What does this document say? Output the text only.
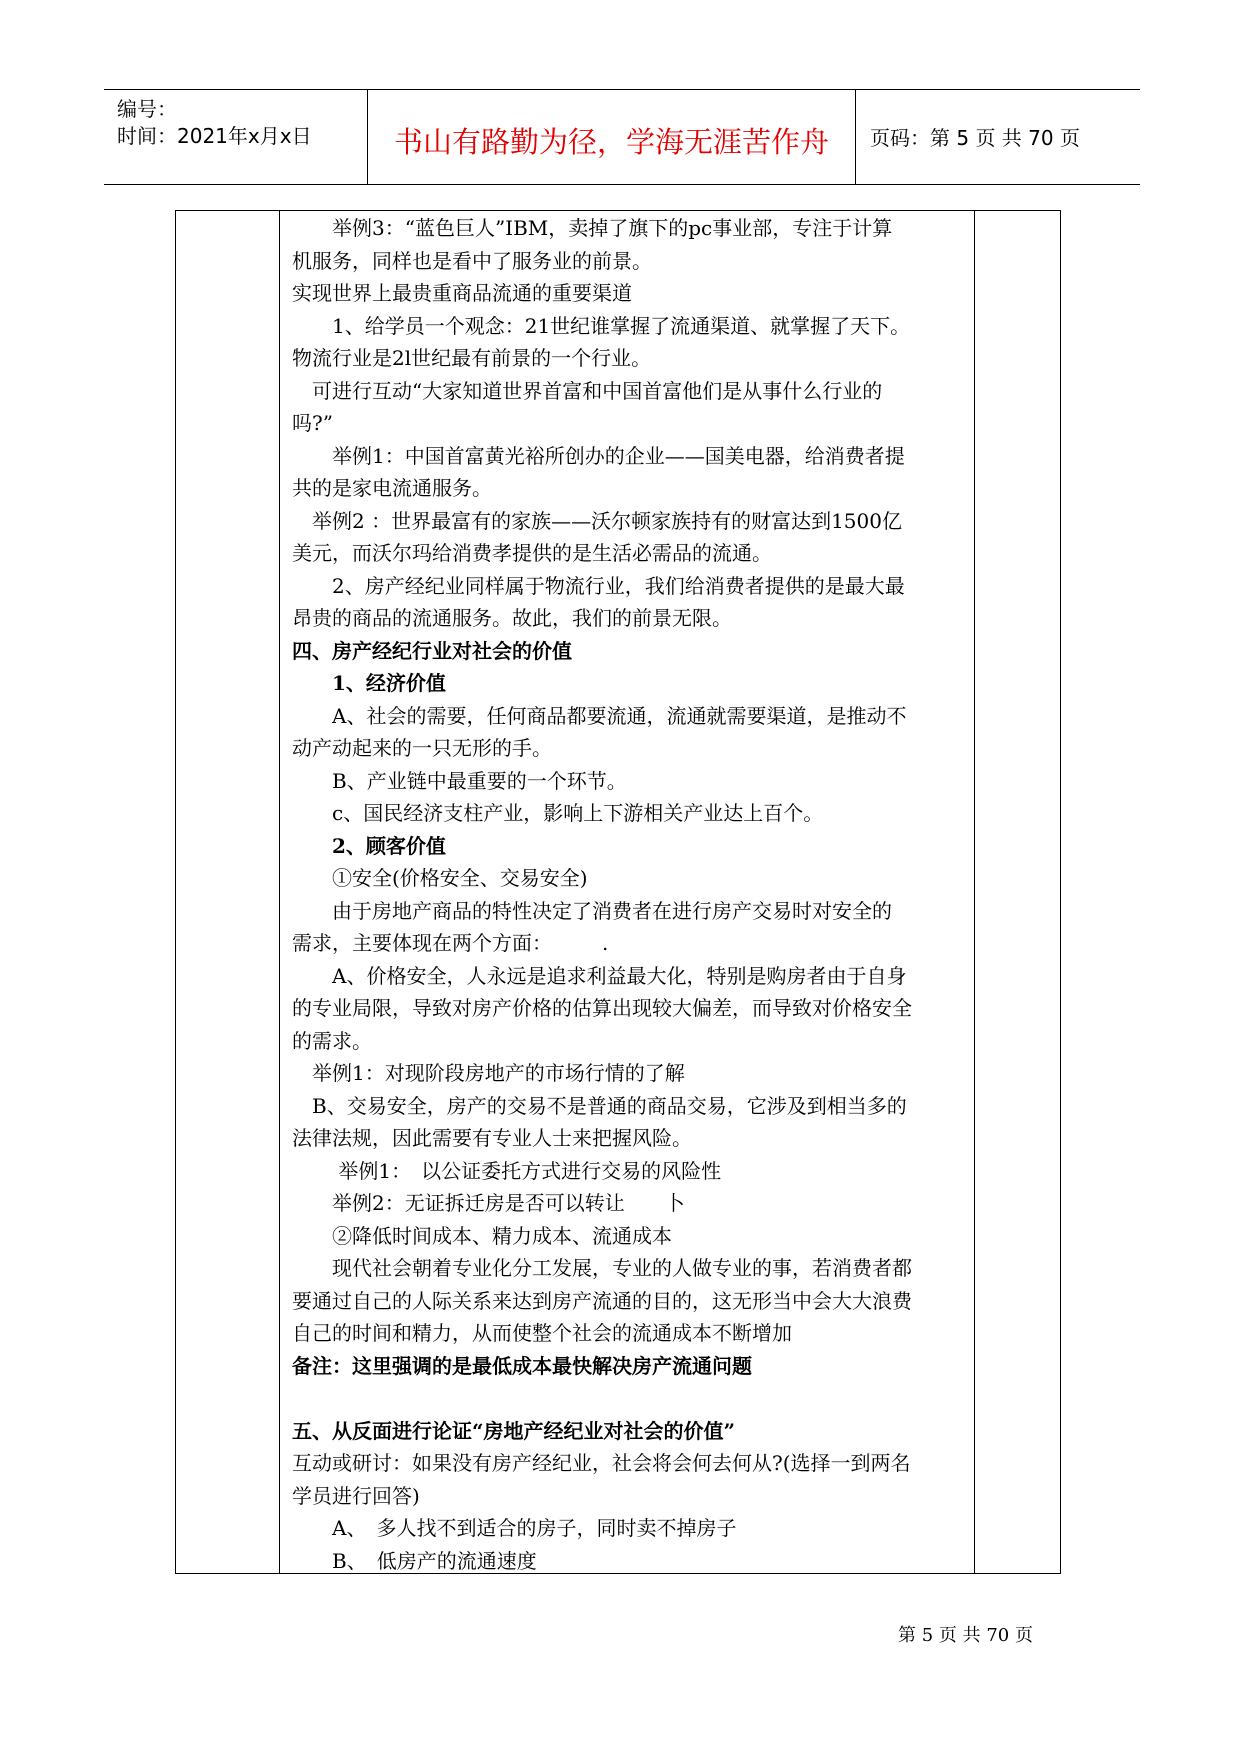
编号：
时间：2021年x月x日	书山有路勤为径，学海无涯苦作舟	页码：第 5 页 共 70 页
　　举例3：“蓝色巨人”IBM，卖掉了旗下的pc事业部，专注于计算
机服务，同样也是看中了服务业的前景。
实现世界上最贵重商品流通的重要渠道
　　1、给学员一个观念：21世纪谁掌握了流通渠道、就掌握了天下。
物流行业是2l世纪最有前景的一个行业。
　可进行互动“大家知道世界首富和中国首富他们是从事什么行业的
吗?”
　　举例1：中国首富黄光裕所创办的企业——国美电器，给消费者提
共的是家电流通服务。
　举例2 ：世界最富有的家族——沃尔顿家族持有的财富达到1500亿
美元，而沃尔玛给消费孝提供的是生活必需品的流通。
　　2、房产经纪业同样属于物流行业，我们给消费者提供的是最大最
昂贵的商品的流通服务。故此，我们的前景无限。
四、房产经纪行业对社会的价值
　　1、经济价值
　　A、社会的需要，任何商品都要流通，流通就需要渠道，是推动不
动产动起来的一只无形的手。
　　B、产业链中最重要的一个环节。
　　c、国民经济支柱产业，影响上下游相关产业达上百个。
　　2、顾客价值
　　①安全(价格安全、交易安全)
　　由于房地产商品的特性决定了消费者在进行房产交易时对安全的
需求，主要体现在两个方面：　　　.
　　A、价格安全，人永远是追求利益最大化，特别是购房者由于自身
的专业局限，导致对房产价格的估算出现较大偏差，而导致对价格安全
的需求。
　举例1：对现阶段房地产的市场行情的了解
　B、交易安全，房产的交易不是普通的商品交易，它涉及到相当多的
法律法规，因此需要有专业人士来把握风险。
　　 举例1：　以公证委托方式进行交易的风险性
　　举例2：无证拆迁房是否可以转让　　卜
　　②降低时间成本、精力成本、流通成本
　　现代社会朝着专业化分工发展，专业的人做专业的事，若消费者都
要通过自己的人际关系来达到房产流通的目的，这无形当中会大大浪费
自己的时间和精力，从而使整个社会的流通成本不断增加
备注：这里强调的是最低成本最快解决房产流通问题
五、从反面进行论证“房地产经纪业对社会的价值”
互动或研讨：如果没有房产经纪业，社会将会何去何从?(选择一到两名
学员进行回答)
　　A、　多人找不到适合的房子，同时卖不掉房子
　　B、　低房产的流通速度
第 5 页 共 70 页
